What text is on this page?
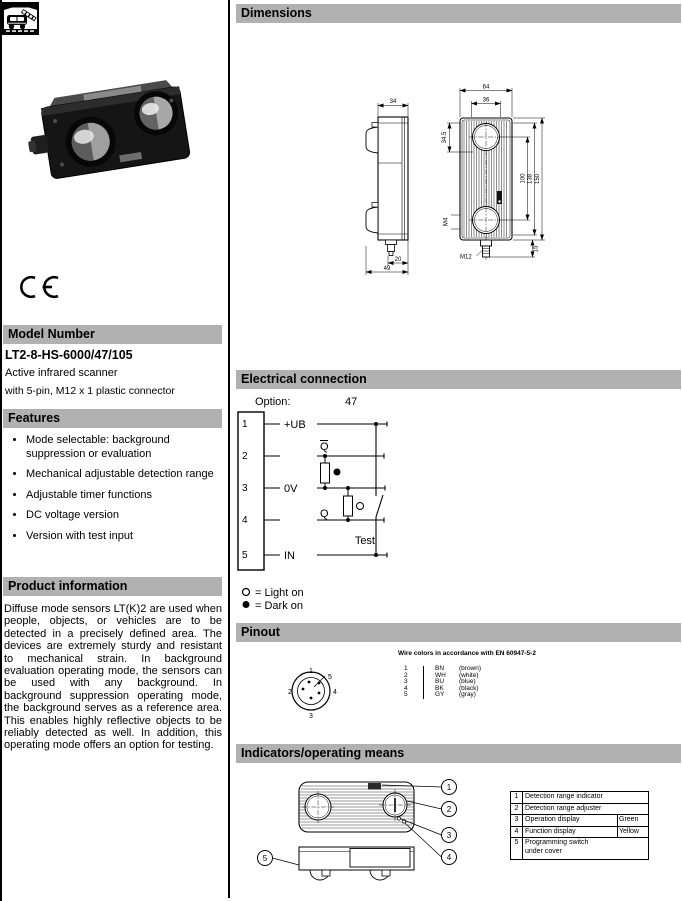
Model Number
LT2-8-HS-6000/47/105
Active infrared scanner
with 5-pin, M12 x 1 plastic connector
Features
• Mode selectable: background suppression or evaluation
• Mechanical adjustable detection range
• Adjustable timer functions
• DC voltage version
• Version with test input
Product information
Diffuse mode sensors LT(K)2 are used when people, objects, or vehicles are to be detected in a precisely defined area. The devices are extremely sturdy and resistant to mechanical strain. In background evaluation operating mode, the sensors can be used with any background. In background suppression operating mode, the background serves as a reference area. This enables highly reflective objects to be reliably detected as well. In addition, this operating mode offers an option for testing.
Dimensions
34
20
49
64
36
34.5
100 138 150
M4
M12
15
Electrical connection
Option:	47
1
2
3
4
5
+UB
0V
IN
Q
Q
Test
= Light on
= Dark on
Pinout
1
5
2	4
3
Wire colors in accordance with EN 60947-5-2
1	BN (brown)
2	WH (white)
3	BU (blue)
4	BK (black)
5	GY (gray)
Indicators/operating means
1
2
3
4
5
1 Detection range indicator
2 Detection range adjuster
3 Operation display	Green
4 Function display	Yellow
5 Programming switch under cover
